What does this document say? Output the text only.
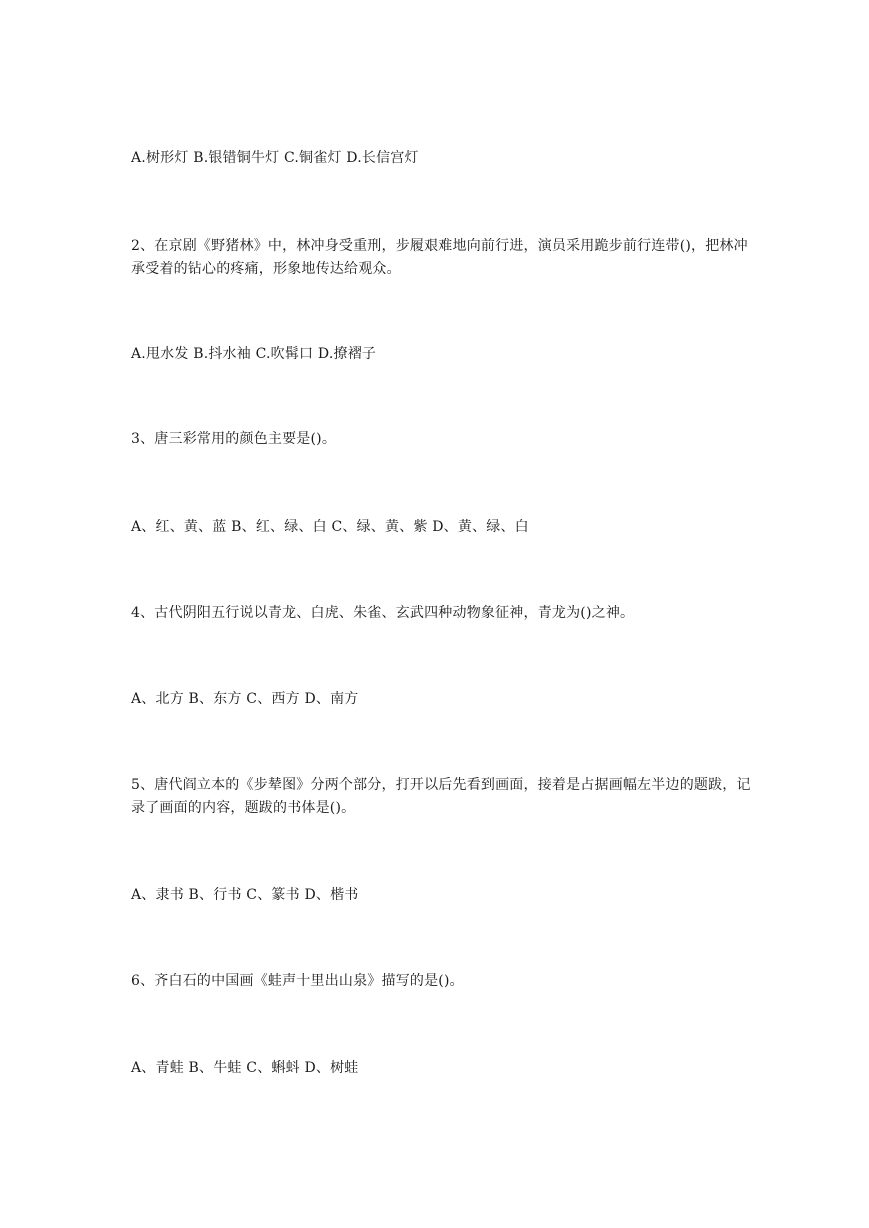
A.树形灯 B.银错铜牛灯 C.铜雀灯 D.长信宫灯
2、在京剧《野猪林》中，林冲身受重刑，步履艰难地向前行进，演员采用跪步前行连带()，把林冲承受着的钻心的疼痛，形象地传达给观众。
A.甩水发 B.抖水袖 C.吹髯口 D.撩褶子
3、唐三彩常用的颜色主要是()。
A、红、黄、蓝 B、红、绿、白 C、绿、黄、紫 D、黄、绿、白
4、古代阴阳五行说以青龙、白虎、朱雀、玄武四种动物象征神，青龙为()之神。
A、北方 B、东方 C、西方 D、南方
5、唐代阎立本的《步辇图》分两个部分，打开以后先看到画面，接着是占据画幅左半边的题跋，记录了画面的内容，题跋的书体是()。
A、隶书 B、行书 C、篆书 D、楷书
6、齐白石的中国画《蛙声十里出山泉》描写的是()。
A、青蛙 B、牛蛙 C、蝌蚪 D、树蛙
